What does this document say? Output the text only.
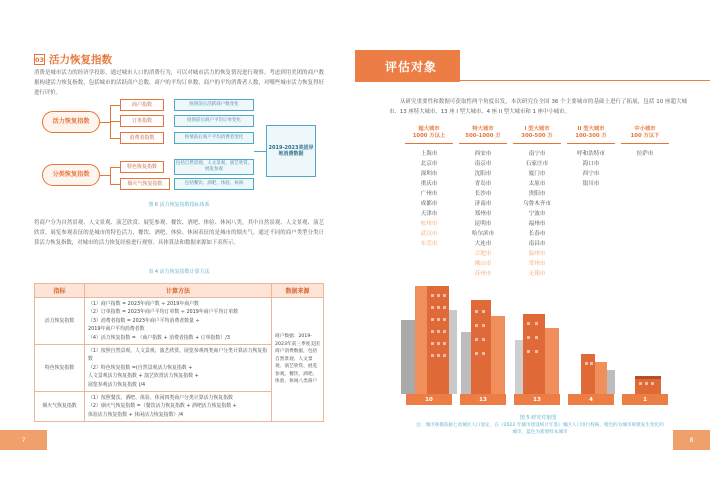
03 活力恢复指数
消费是城市活力的经济学投影，通过城市人口的消费行为，可以对城市活力的恢复情况进行观察。考虑到用美团的商户数据构建活力恢复指数，包括城市的活跃商户总数、商户的平均订单数、商户的平均消费者人数，对哪些城市活力恢复得好进行评价。
活力恢复指数
分类恢复指数
商户指数
订单指数
消费者指数
特色恢复指数
烟火气恢复指数
疫情前后活跃商户数变化
疫情前后商户平均订单变化
疫情前后商户平均消费者变化
包括自然景观、人文景观、演艺欣赏、展览参观
包括餐饮、酒吧、体验、休闲
2019-2023美团异地消费数据
图 6 活力恢复指数指标体系
将商户分为自然景观、人文景观、演艺欣赏、展览参观、餐饮、酒吧、体验、休闲八类，其中自然景观、人文景观、演艺欣赏、展览参观表征的是城市的特色活力，餐饮、酒吧、体验、休闲表征的是城市的烟火气。通过不同的商户类型分类计算活力恢复指数，对城市的活力恢复经验进行观察。具体算法和数据来源如下表所示。
表 4 活力恢复指数计算方法
指标	计算方法	数据来源
活力恢复指数	（1）商户指数 = 2023年商户数 ÷ 2019年商户数
（2）订单指数 = 2023年商户平均订单数 ÷ 2019年商户平均订单数
（3）消费者指数 = 2023年商户平均消费者数量 ÷
2019年商户平均消费者数
（4）活力恢复指数 = （商户指数 + 消费者指数 + 订单指数）/3	商户数据：2019-2023年前三季度美团商户消费数据，包括自然景观、人文景观、演艺欣赏、展览参观、餐饮、酒吧、体验、休闲八类商户
特色恢复指数	（1）按照自然景观、人文景观、演艺欣赏、展览参观四类商户分类计算活力恢复指数
（2）特色恢复指数 =(自然景观活力恢复指数 +
人文景观活力恢复指数 + 演艺欣赏活力恢复指数 +
展览参观活力恢复指数 )/4	

烟火气恢复指数	（1）按照餐饮、酒吧、体验、休闲四类商户分类计算活力恢复指数
（2）烟火气恢复指数 =（餐饮活力恢复指数 + 酒吧活力恢复指数 +
体验活力恢复指数 + 休闲活力恢复指数）/4	
7
评估对象
从研究重要性和数据可获取性两个角度出发，本次研究在全国 36 个主要城市的基础上进行了拓展，包括 10 座超大城市、13 座特大城市、13 座 I 型大城市、4 座 II 型大城市和 1 座中小城市。
超大城市
1000 万以上
上海市
北京市
深圳市
重庆市
广州市
成都市
天津市
杭州市
武汉市
东莞市
特大城市
500-1000 万
西安市
南京市
沈阳市
青岛市
长沙市
济南市
郑州市
昆明市
哈尔滨市
大连市
合肥市
佛山市
苏州市
I 型大城市
300-500 万
南宁市
石家庄市
厦门市
太原市
贵阳市
乌鲁木齐市
宁波市
福州市
长春市
南昌市
温州市
常州市
无锡市
II 型大城市
100-300 万
呼和浩特市
海口市
西宁市
银川市
中小城市
100 万以下
拉萨市
10	13	13	4	1
图 5 研究对象图
注：城市规模依据七普城区人口划定，在《2022 年城市建设统计年鉴》城区人口进行校核，橙色的为城市规模发生变化的城市，蓝色为新增样本城市
8
